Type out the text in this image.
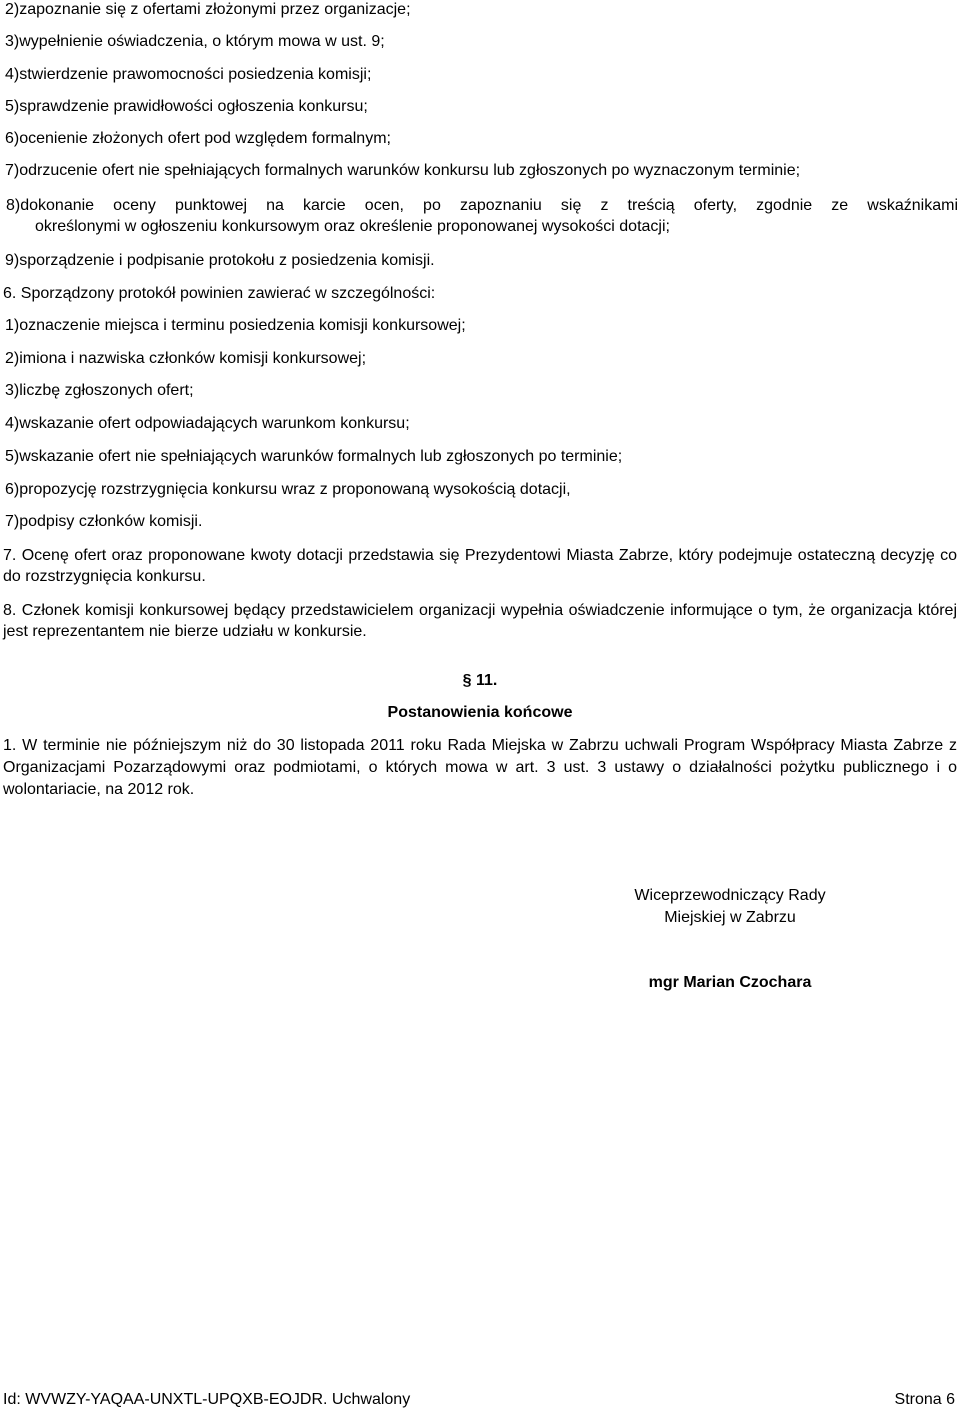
2)zapoznanie się z ofertami złożonymi przez organizacje;
3)wypełnienie oświadczenia, o którym mowa w ust. 9;
4)stwierdzenie prawomocności posiedzenia komisji;
5)sprawdzenie prawidłowości ogłoszenia konkursu;
6)ocenienie złożonych ofert pod względem formalnym;
7)odrzucenie ofert nie spełniających formalnych warunków konkursu lub zgłoszonych po wyznaczonym terminie;
8)dokonanie oceny punktowej na karcie ocen, po zapoznaniu się z treścią oferty, zgodnie ze wskaźnikami
określonymi w ogłoszeniu konkursowym oraz określenie proponowanej wysokości dotacji;
9)sporządzenie i podpisanie protokołu z posiedzenia komisji.
6. Sporządzony protokół powinien zawierać w szczególności:
1)oznaczenie miejsca i terminu posiedzenia komisji konkursowej;
2)imiona i nazwiska członków komisji konkursowej;
3)liczbę zgłoszonych ofert;
4)wskazanie ofert odpowiadających warunkom konkursu;
5)wskazanie ofert nie spełniających warunków formalnych lub zgłoszonych po terminie;
6)propozycję rozstrzygnięcia konkursu wraz z proponowaną wysokością dotacji,
7)podpisy członków komisji.
7. Ocenę ofert oraz proponowane kwoty dotacji przedstawia się Prezydentowi Miasta Zabrze, który podejmuje ostateczną decyzję co do rozstrzygnięcia konkursu.
8. Członek komisji konkursowej będący przedstawicielem organizacji wypełnia oświadczenie informujące o tym, że organizacja której jest reprezentantem nie bierze udziału w konkursie.
§ 11.
Postanowienia końcowe
1. W terminie nie późniejszym niż do 30 listopada 2011 roku Rada Miejska w Zabrzu uchwali Program Współpracy Miasta Zabrze z Organizacjami Pozarządowymi oraz podmiotami, o których mowa w art. 3 ust. 3 ustawy o działalności pożytku publicznego i o wolontariacie, na 2012 rok.
Wiceprzewodniczący Rady
Miejskiej w Zabrzu
mgr Marian Czochara
Id: WVWZY-YAQAA-UNXTL-UPQXB-EOJDR. Uchwalony	Strona 6
